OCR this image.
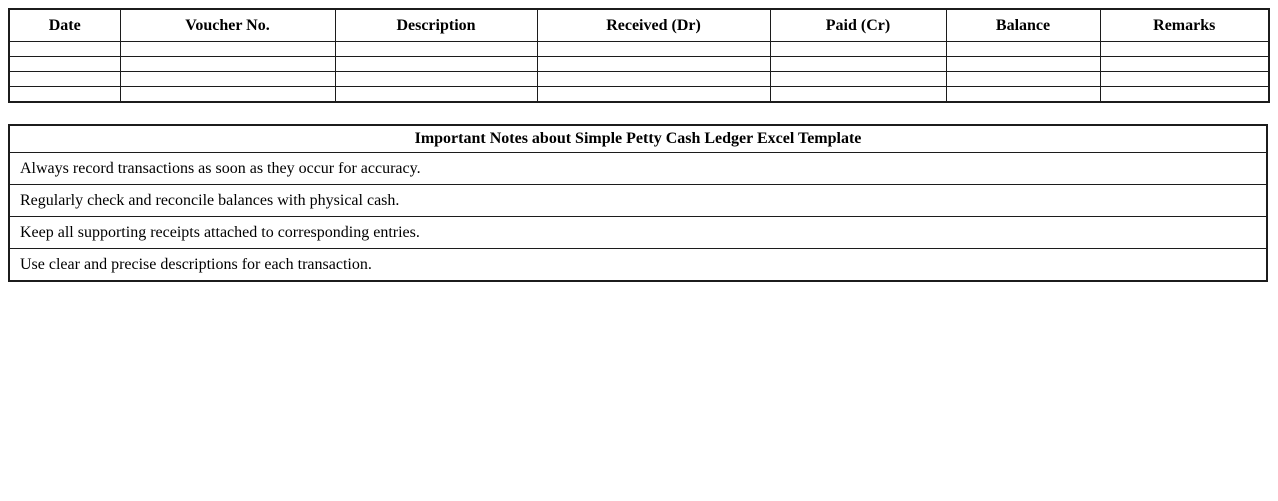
Date	Voucher No.	Description	Received (Dr)	Paid (Cr)	Balance	Remarks

Important Notes about Simple Petty Cash Ledger Excel Template
Always record transactions as soon as they occur for accuracy.
Regularly check and reconcile balances with physical cash.
Keep all supporting receipts attached to corresponding entries.
Use clear and precise descriptions for each transaction.
